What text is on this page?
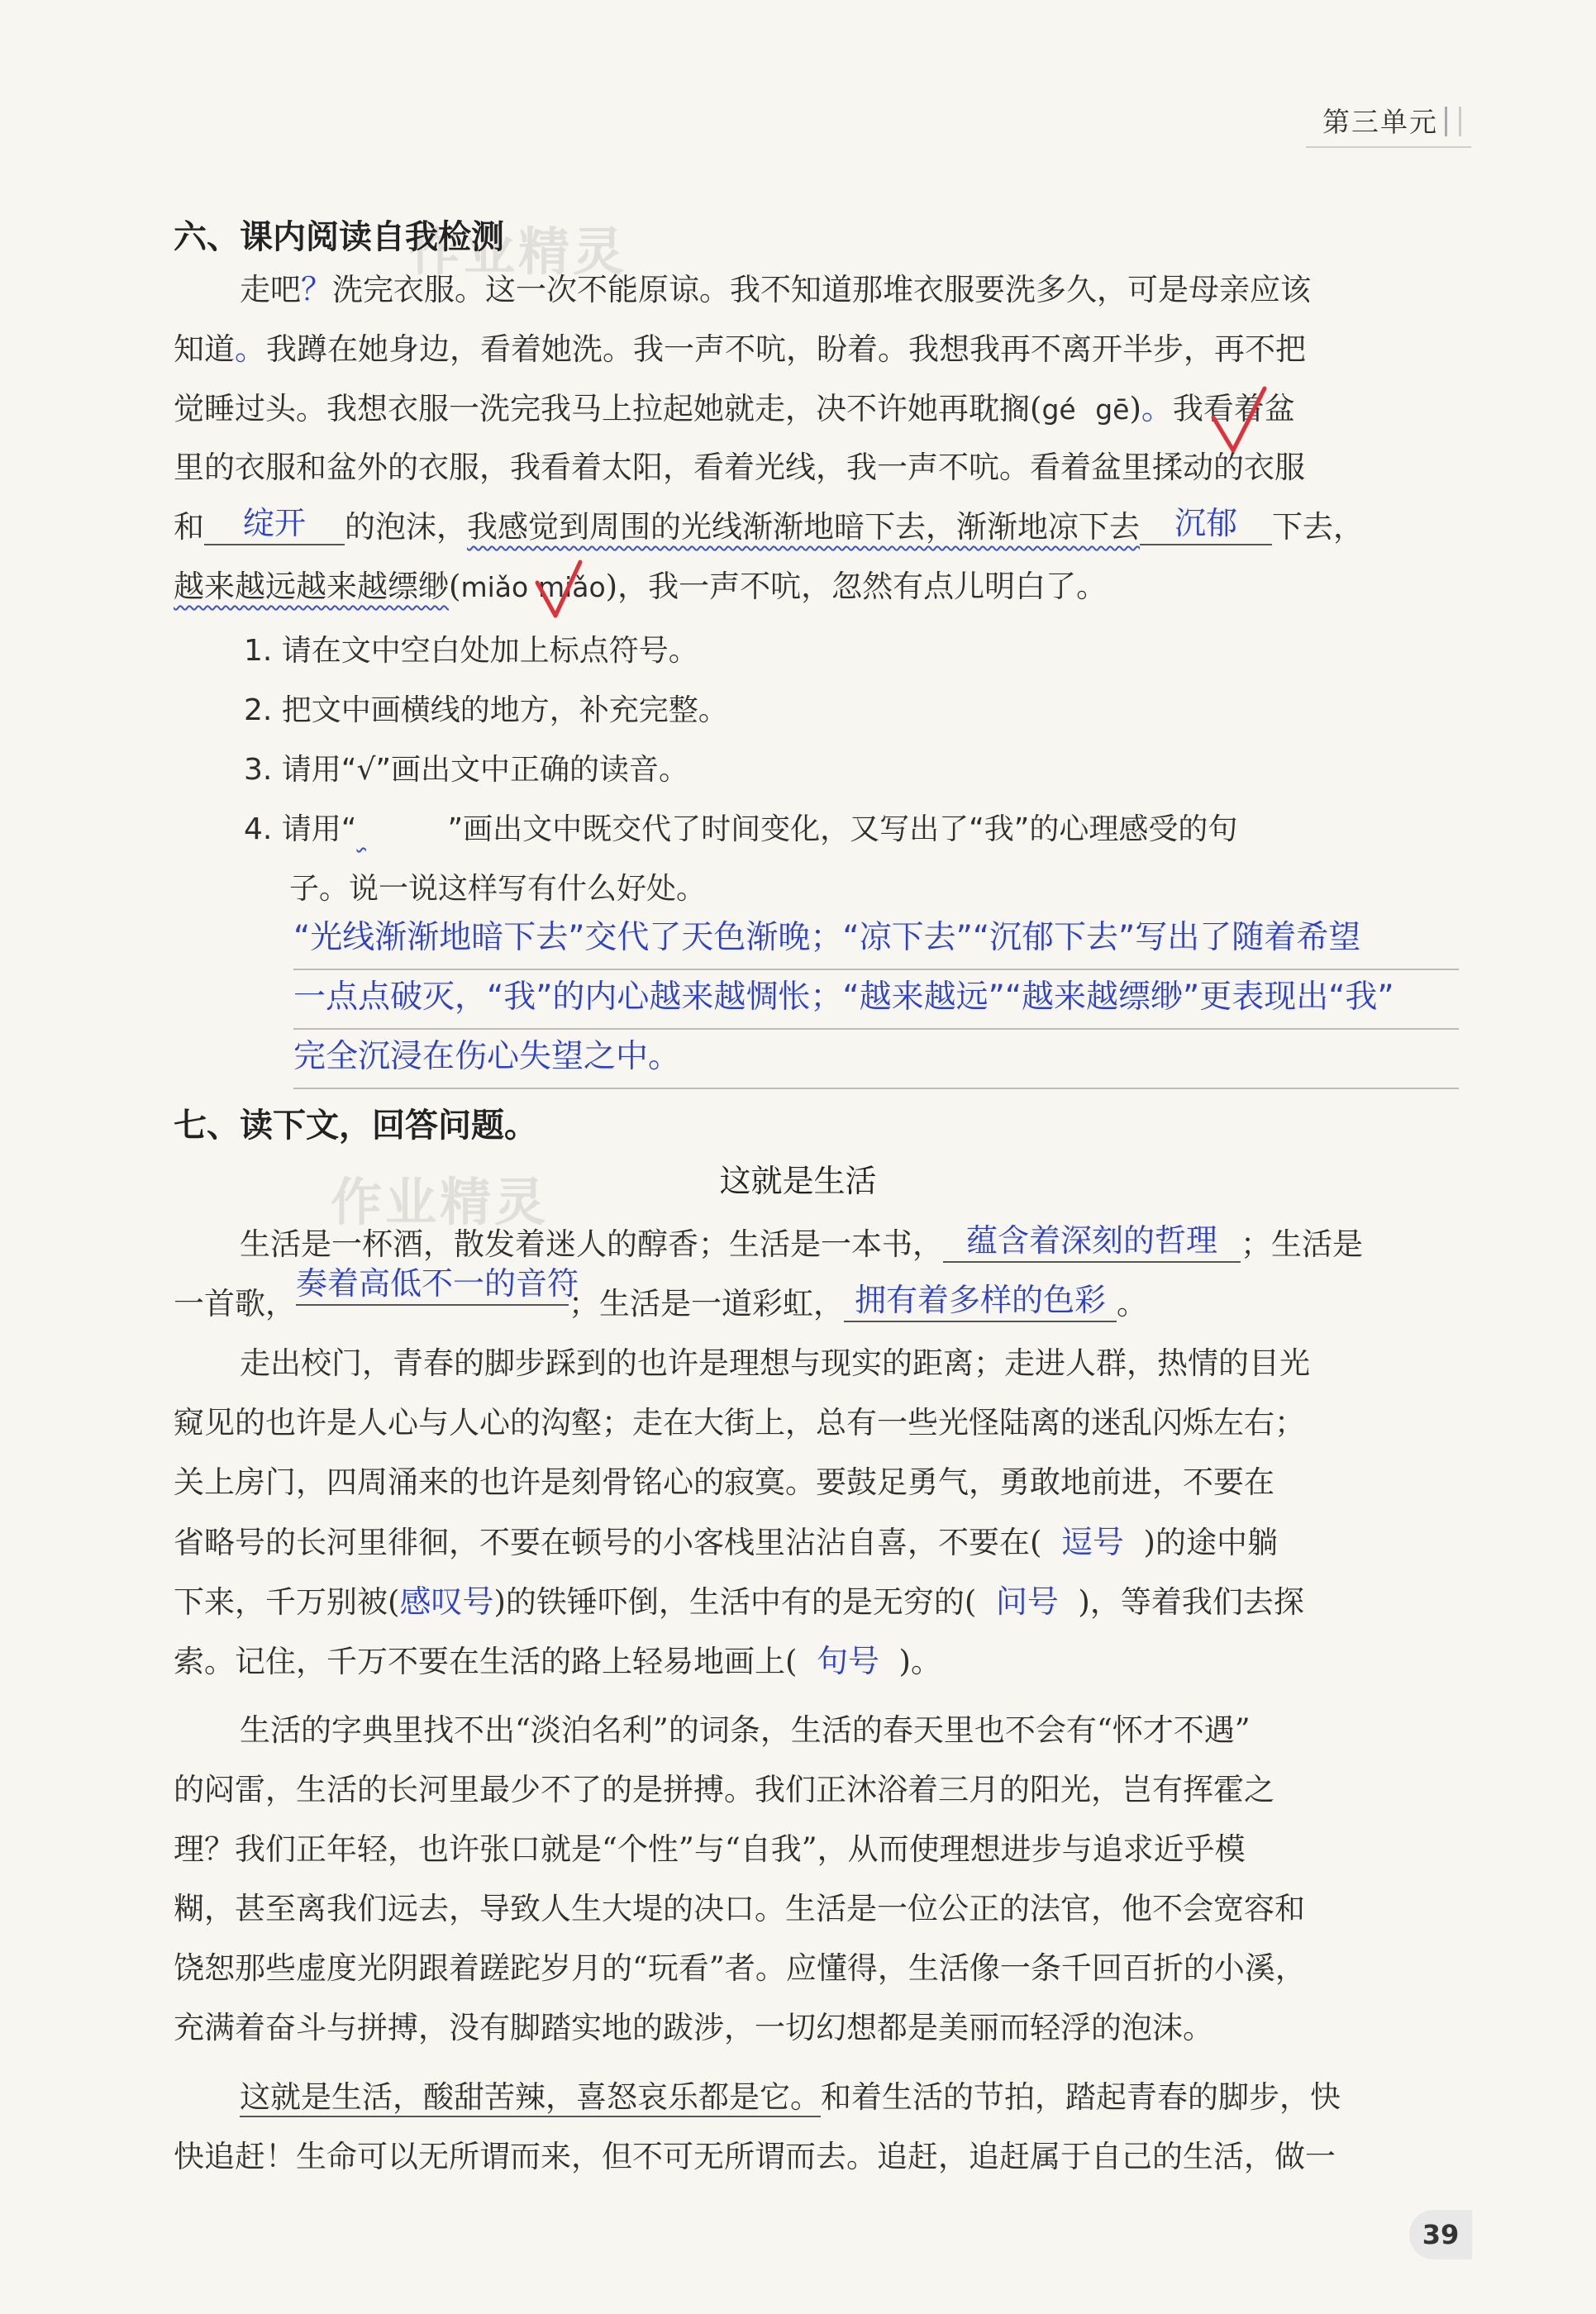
第三单元
作业精灵
作业精灵
六、课内阅读自我检测
走吧？洗完衣服。这一次不能原谅。我不知道那堆衣服要洗多久，可是母亲应该
知道。我蹲在她身边，看着她洗。我一声不吭，盼着。我想我再不离开半步，再不把
觉睡过头。我想衣服一洗完我马上拉起她就走，决不许她再耽搁(gé gē)。我看着盆
里的衣服和盆外的衣服，我看着太阳，看着光线，我一声不吭。看着盆里揉动的衣服
和 绽开 的泡沫，我感觉到周围的光线渐渐地暗下去，渐渐地凉下去 沉郁 下去，
越来越远越来越缥缈(miǎo miǎo)，我一声不吭，忽然有点儿明白了。
1. 请在文中空白处加上标点符号。
2. 把文中画横线的地方，补充完整。
3. 请用“√”画出文中正确的读音。
4. 请用“	”画出文中既交代了时间变化，又写出了“我”的心理感受的句
子。说一说这样写有什么好处。
“光线渐渐地暗下去”交代了天色渐晚；“凉下去”“沉郁下去”写出了随着希望
一点点破灭，“我”的内心越来越惆怅；“越来越远”“越来越缥缈”更表现出“我”
完全沉浸在伤心失望之中。
七、读下文，回答问题。
这就是生活
生活是一杯酒，散发着迷人的醇香；生活是一本书， 蕴含着深刻的哲理 ；生活是
一首歌，奏着高低不一的音符；生活是一道彩虹， 拥有着多样的色彩 。
走出校门，青春的脚步踩到的也许是理想与现实的距离；走进人群，热情的目光
窥见的也许是人心与人心的沟壑；走在大街上，总有一些光怪陆离的迷乱闪烁左右；
关上房门，四周涌来的也许是刻骨铭心的寂寞。要鼓足勇气，勇敢地前进，不要在
省略号的长河里徘徊，不要在顿号的小客栈里沾沾自喜，不要在( 逗号 )的途中躺
下来，千万别被(感叹号)的铁锤吓倒，生活中有的是无穷的( 问号 )，等着我们去探
索。记住，千万不要在生活的路上轻易地画上( 句号 )。
生活的字典里找不出“淡泊名利”的词条，生活的春天里也不会有“怀才不遇”
的闷雷，生活的长河里最少不了的是拼搏。我们正沐浴着三月的阳光，岂有挥霍之
理？我们正年轻，也许张口就是“个性”与“自我”，从而使理想进步与追求近乎模
糊，甚至离我们远去，导致人生大堤的决口。生活是一位公正的法官，他不会宽容和
饶恕那些虚度光阴跟着蹉跎岁月的“玩看”者。应懂得，生活像一条千回百折的小溪，
充满着奋斗与拼搏，没有脚踏实地的跋涉，一切幻想都是美丽而轻浮的泡沫。
这就是生活，酸甜苦辣，喜怒哀乐都是它。和着生活的节拍，踏起青春的脚步，快
快追赶！生命可以无所谓而来，但不可无所谓而去。追赶，追赶属于自己的生活，做一
39
